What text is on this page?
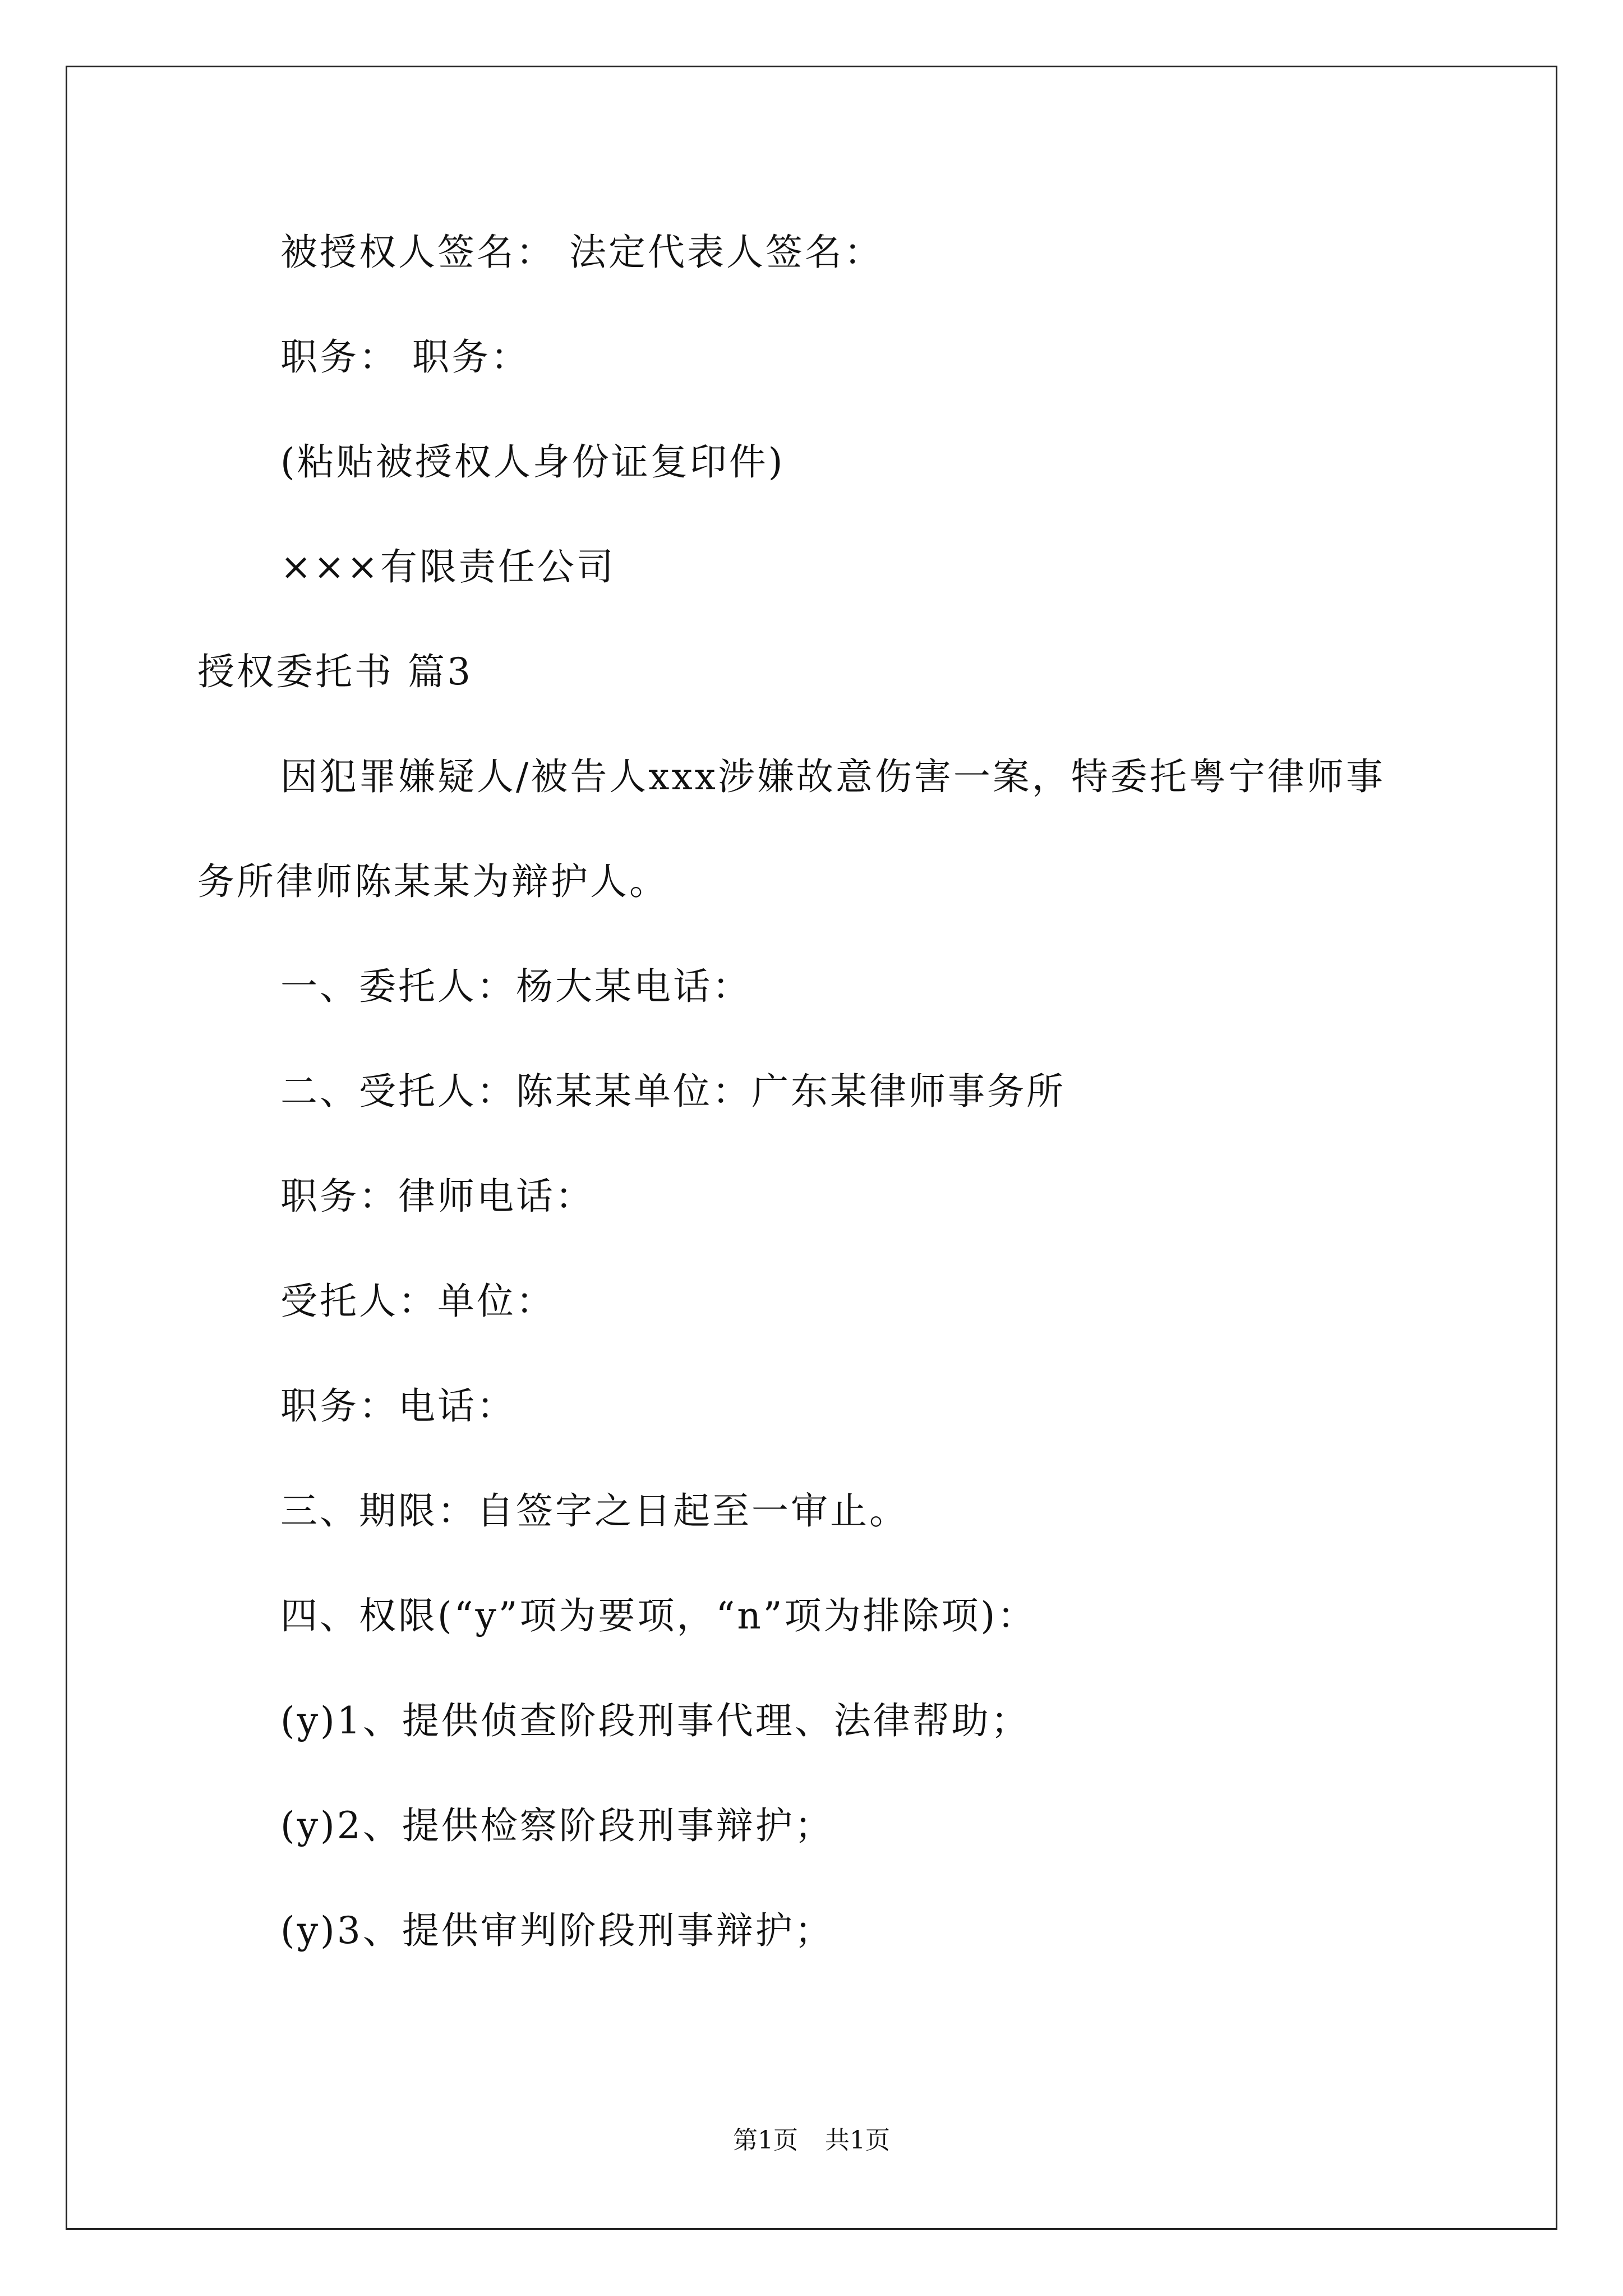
被授权人签名： 法定代表人签名：
职务： 职务：
(粘贴被授权人身份证复印件)
×××有限责任公司
授权委托书 篇3
因犯罪嫌疑人/被告人xxx涉嫌故意伤害一案，特委托粤宁律师事
务所律师陈某某为辩护人。
一、委托人：杨大某电话：
二、受托人：陈某某单位：广东某律师事务所
职务：律师电话：
受托人：单位：
职务：电话：
三、期限：自签字之日起至一审止。
四、权限(“y”项为要项，“n”项为排除项)：
(y)1、提供侦查阶段刑事代理、法律帮助；
(y)2、提供检察阶段刑事辩护；
(y)3、提供审判阶段刑事辩护；
第1页 共1页
